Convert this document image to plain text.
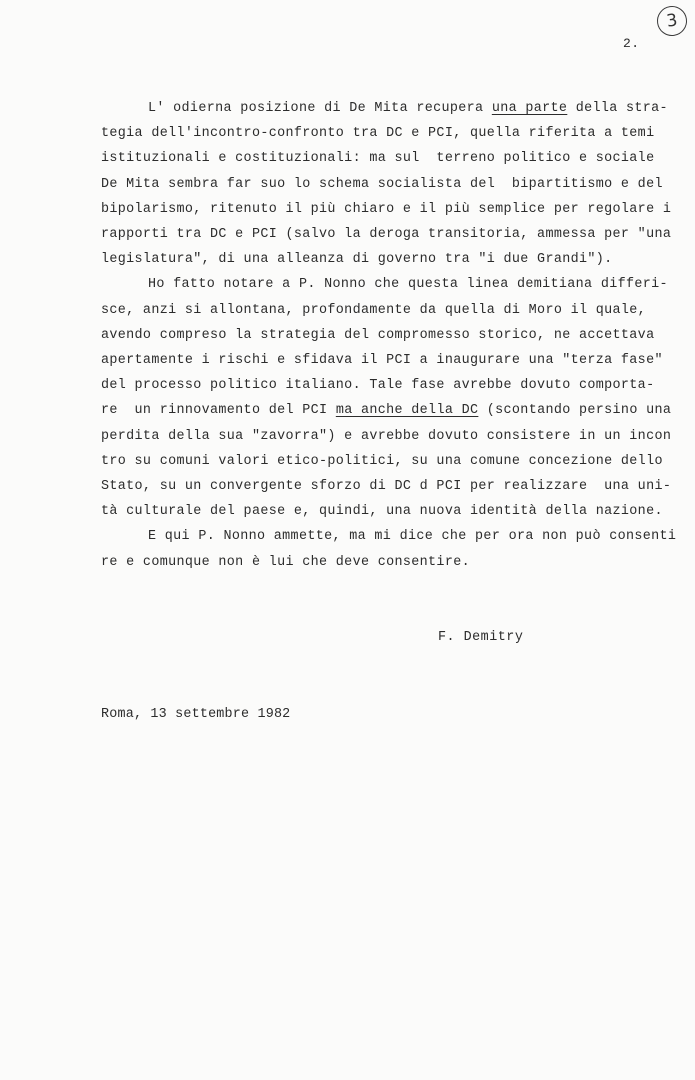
3
2.
L' odierna posizione di De Mita recupera una parte della stra-
tegia dell'incontro-confronto tra DC e PCI, quella riferita a temi
istituzionali e costituzionali: ma sul  terreno politico e sociale
De Mita sembra far suo lo schema socialista del  bipartitismo e del
bipolarismo, ritenuto il più chiaro e il più semplice per regolare i
rapporti tra DC e PCI (salvo la deroga transitoria, ammessa per "una
legislatura", di una alleanza di governo tra "i due Grandi").
Ho fatto notare a P. Nonno che questa linea demitiana differi-
sce, anzi si allontana, profondamente da quella di Moro il quale,
avendo compreso la strategia del compromesso storico, ne accettava
apertamente i rischi e sfidava il PCI a inaugurare una "terza fase"
del processo politico italiano. Tale fase avrebbe dovuto comporta-
re  un rinnovamento del PCI ma anche della DC (scontando persino una
perdita della sua "zavorra") e avrebbe dovuto consistere in un incon
tro su comuni valori etico-politici, su una comune concezione dello
Stato, su un convergente sforzo di DC d PCI per realizzare  una uni-
tà culturale del paese e, quindi, una nuova identità della nazione.
E qui P. Nonno ammette, ma mi dice che per ora non può consenti
re e comunque non è lui che deve consentire.
F. Demitry
Roma, 13 settembre 1982
